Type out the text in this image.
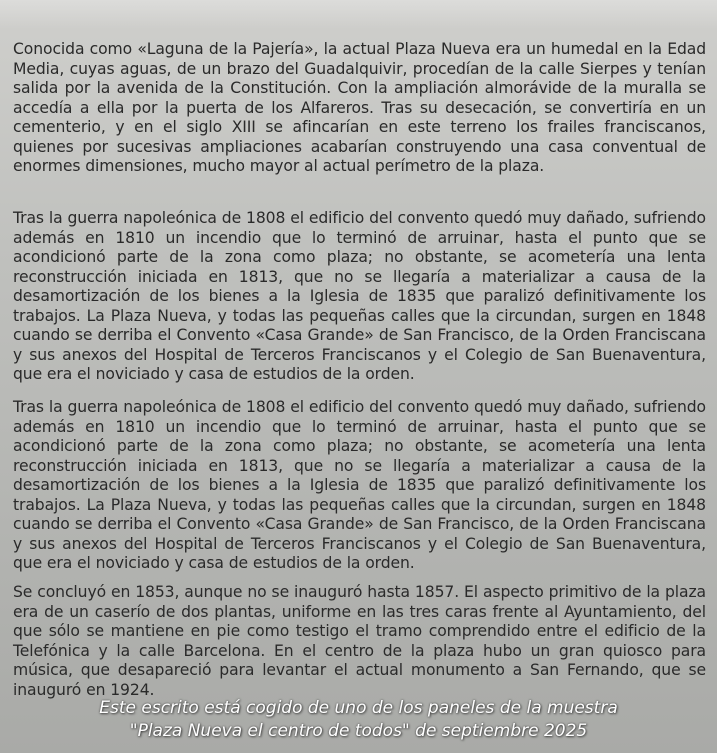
Conocida como «Laguna de la Pajería», la actual Plaza Nueva era un humedal en la Edad Media, cuyas aguas, de un brazo del Guadalquivir, procedían de la calle Sierpes y tenían salida por la avenida de la Constitución. Con la ampliación almorávide de la muralla se accedía a ella por la puerta de los Alfareros. Tras su desecación, se convertiría en un cementerio, y en el siglo XIII se afincarían en este terreno los frailes franciscanos, quienes por sucesivas ampliaciones acabarían construyendo una casa conventual de enormes dimensiones, mucho mayor al actual perímetro de la plaza.

Tras la guerra napoleónica de 1808 el edificio del convento quedó muy dañado, sufriendo además en 1810 un incendio que lo terminó de arruinar, hasta el punto que se acondicionó parte de la zona como plaza; no obstante, se acometería una lenta reconstrucción iniciada en 1813, que no se llegaría a materializar a causa de la desamortización de los bienes a la Iglesia de 1835 que paralizó definitivamente los trabajos. La Plaza Nueva, y todas las pequeñas calles que la circundan, surgen en 1848 cuando se derriba el Convento «Casa Grande» de San Francisco, de la Orden Franciscana y sus anexos del Hospital de Terceros Franciscanos y el Colegio de San Buenaventura, que era el noviciado y casa de estudios de la orden.

Tras la guerra napoleónica de 1808 el edificio del convento quedó muy dañado, sufriendo además en 1810 un incendio que lo terminó de arruinar, hasta el punto que se acondicionó parte de la zona como plaza; no obstante, se acometería una lenta reconstrucción iniciada en 1813, que no se llegaría a materializar a causa de la desamortización de los bienes a la Iglesia de 1835 que paralizó definitivamente los trabajos. La Plaza Nueva, y todas las pequeñas calles que la circundan, surgen en 1848 cuando se derriba el Convento «Casa Grande» de San Francisco, de la Orden Franciscana y sus anexos del Hospital de Terceros Franciscanos y el Colegio de San Buenaventura, que era el noviciado y casa de estudios de la orden.

Se concluyó en 1853, aunque no se inauguró hasta 1857. El aspecto primitivo de la plaza era de un caserío de dos plantas, uniforme en las tres caras frente al Ayuntamiento, del que sólo se mantiene en pie como testigo el tramo comprendido entre el edificio de la Telefónica y la calle Barcelona. En el centro de la plaza hubo un gran quiosco para música, que desapareció para levantar el actual monumento a San Fernando, que se inauguró en 1924.

Este escrito está cogido de uno de los paneles de la muestra
"Plaza Nueva el centro de todos" de septiembre 2025
